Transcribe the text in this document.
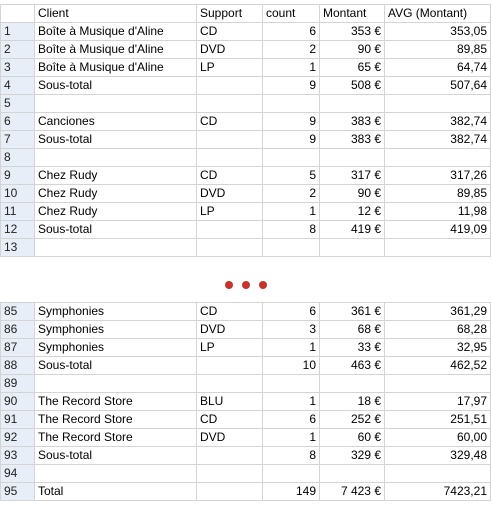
	Client	Support	count	Montant	AVG (Montant)
1	Boîte à Musique d'Aline	CD	6	353 €	353,05
2	Boîte à Musique d'Aline	DVD	2	90 €	89,85
3	Boîte à Musique d'Aline	LP	1	65 €	64,74
4	Sous-total		9	508 €	507,64
5					
6	Canciones	CD	9	383 €	382,74
7	Sous-total		9	383 €	382,74
8					
9	Chez Rudy	CD	5	317 €	317,26
10	Chez Rudy	DVD	2	90 €	89,85
11	Chez Rudy	LP	1	12 €	11,98
12	Sous-total		8	419 €	419,09
13					
85	Symphonies	CD	6	361 €	361,29
86	Symphonies	DVD	3	68 €	68,28
87	Symphonies	LP	1	33 €	32,95
88	Sous-total		10	463 €	462,52
89					
90	The Record Store	BLU	1	18 €	17,97
91	The Record Store	CD	6	252 €	251,51
92	The Record Store	DVD	1	60 €	60,00
93	Sous-total		8	329 €	329,48
94					
95	Total		149	7 423 €	7423,21
